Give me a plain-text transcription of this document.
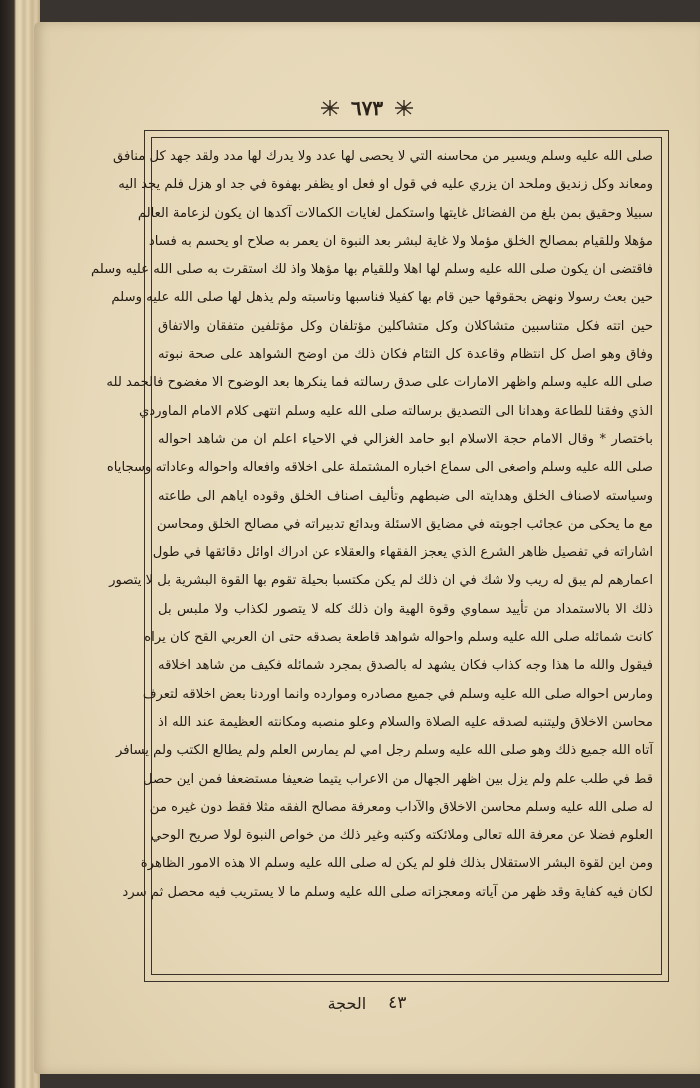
٦٧٣
صلى الله عليه وسلم ويسير من محاسنه التي لا يحصى لها عدد ولا يدرك لها مدد ولقد جهد كل منافق
ومعاند وكل زنديق وملحد ان يزري عليه في قول او فعل او يظفر بهفوة في جد او هزل فلم يجد اليه
سبيلا وحقيق بمن بلغ من الفضائل غايتها واستكمل لغايات الكمالات آكدها ان يكون لزعامة العالم
مؤهلا وللقيام بمصالح الخلق مؤملا ولا غاية لبشر بعد النبوة ان يعمر به صلاح او يحسم به فساد
فاقتضى ان يكون صلى الله عليه وسلم لها اهلا وللقيام بها مؤهلا واذ لك استقرت به صلى الله عليه وسلم
حين بعث رسولا ونهض بحقوقها حين قام بها كفيلا فناسبها وناسبته ولم يذهل لها صلى الله عليه وسلم
حين اتته فكل متناسبين متشاكلان وكل متشاكلين مؤتلفان وكل مؤتلفين متفقان والاتفاق
وفاق وهو اصل كل انتظام وقاعدة كل التئام فكان ذلك من اوضح الشواهد على صحة نبوته
صلى الله عليه وسلم واظهر الامارات على صدق رسالته فما ينكرها بعد الوضوح الا مغضوح فالحمد لله
الذي وفقنا للطاعة وهدانا الى التصديق برسالته صلى الله عليه وسلم انتهى كلام الامام الماوردي
باختصار * وقال الامام حجة الاسلام ابو حامد الغزالي في الاحياء اعلم ان من شاهد احواله
صلى الله عليه وسلم واصغى الى سماع اخباره المشتملة على اخلاقه وافعاله واحواله وعاداته وسجاياه
وسياسته لاصناف الخلق وهدايته الى ضبطهم وتأليف اصناف الخلق وقوده اياهم الى طاعته
مع ما يحكى من عجائب اجوبته في مضايق الاسئلة وبدائع تدبيراته في مصالح الخلق ومحاسن
اشاراته في تفصيل ظاهر الشرع الذي يعجز الفقهاء والعقلاء عن ادراك اوائل دقائقها في طول
اعمارهم لم يبق له ريب ولا شك في ان ذلك لم يكن مكتسبا بحيلة تقوم بها القوة البشرية بل لا يتصور
ذلك الا بالاستمداد من تأييد سماوي وقوة الهية وان ذلك كله لا يتصور لكذاب ولا ملبس بل
كانت شمائله صلى الله عليه وسلم واحواله شواهد قاطعة بصدقه حتى ان العربي القح كان يراه
فيقول والله ما هذا وجه كذاب فكان يشهد له بالصدق بمجرد شمائله فكيف من شاهد اخلاقه
ومارس احواله صلى الله عليه وسلم في جميع مصادره وموارده وانما اوردنا بعض اخلاقه لتعرف
محاسن الاخلاق وليتنبه لصدقه عليه الصلاة والسلام وعلو منصبه ومكانته العظيمة عند الله اذ
آتاه الله جميع ذلك وهو صلى الله عليه وسلم رجل امي لم يمارس العلم ولم يطالع الكتب ولم يسافر
قط في طلب علم ولم يزل بين اظهر الجهال من الاعراب يتيما ضعيفا مستضعفا فمن اين حصل
له صلى الله عليه وسلم محاسن الاخلاق والآداب ومعرفة مصالح الفقه مثلا فقط دون غيره من
العلوم فضلا عن معرفة الله تعالى وملائكته وكتبه وغير ذلك من خواص النبوة لولا صريح الوحي
ومن اين لقوة البشر الاستقلال بذلك فلو لم يكن له صلى الله عليه وسلم الا هذه الامور الظاهرة
لكان فيه كفاية وقد ظهر من آياته ومعجزاته صلى الله عليه وسلم ما لا يستريب فيه محصل ثم سرد
٤٣
الحجة
